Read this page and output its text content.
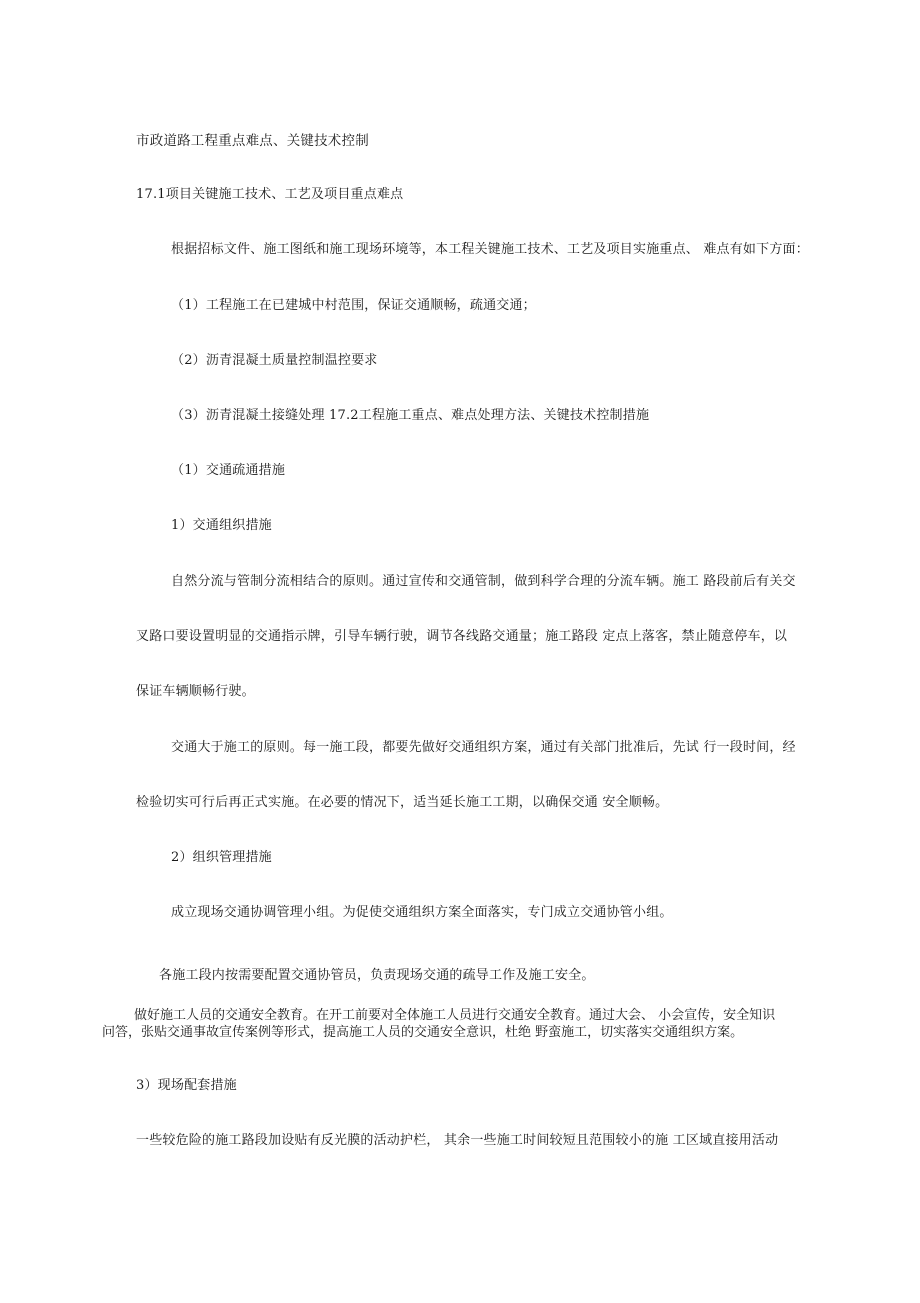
市政道路工程重点难点、关键技术控制
17.1项目关键施工技术、工艺及项目重点难点
根据招标文件、施工图纸和施工现场环境等，本工程关键施工技术、工艺及项目实施重点、 难点有如下方面：
（1）工程施工在已建城中村范围，保证交通顺畅，疏通交通；
（2）沥青混凝土质量控制温控要求
（3）沥青混凝土接缝处理 17.2工程施工重点、难点处理方法、关键技术控制措施
（1）交通疏通措施
1）交通组织措施
自然分流与管制分流相结合的原则。通过宣传和交通管制，做到科学合理的分流车辆。施工 路段前后有关交
叉路口要设置明显的交通指示牌，引导车辆行驶，调节各线路交通量；施工路段 定点上落客，禁止随意停车，以
保证车辆顺畅行驶。
交通大于施工的原则。每一施工段，都要先做好交通组织方案，通过有关部门批准后，先试 行一段时间，经
检验切实可行后再正式实施。在必要的情况下，适当延长施工工期，以确保交通 安全顺畅。
2）组织管理措施
成立现场交通协调管理小组。为促使交通组织方案全面落实，专门成立交通协管小组。
各施工段内按需要配置交通协管员，负责现场交通的疏导工作及施工安全。

做好施工人员的交通安全教育。在开工前要对全体施工人员进行交通安全教育。通过大会、 小会宣传，安全知识

问答，张贴交通事故宣传案例等形式，提高施工人员的交通安全意识，杜绝 野蛮施工，切实落实交通组织方案。

3）现场配套措施
一些较危险的施工路段加设贴有反光膜的活动护栏， 其余一些施工时间较短且范围较小的施 工区域直接用活动
